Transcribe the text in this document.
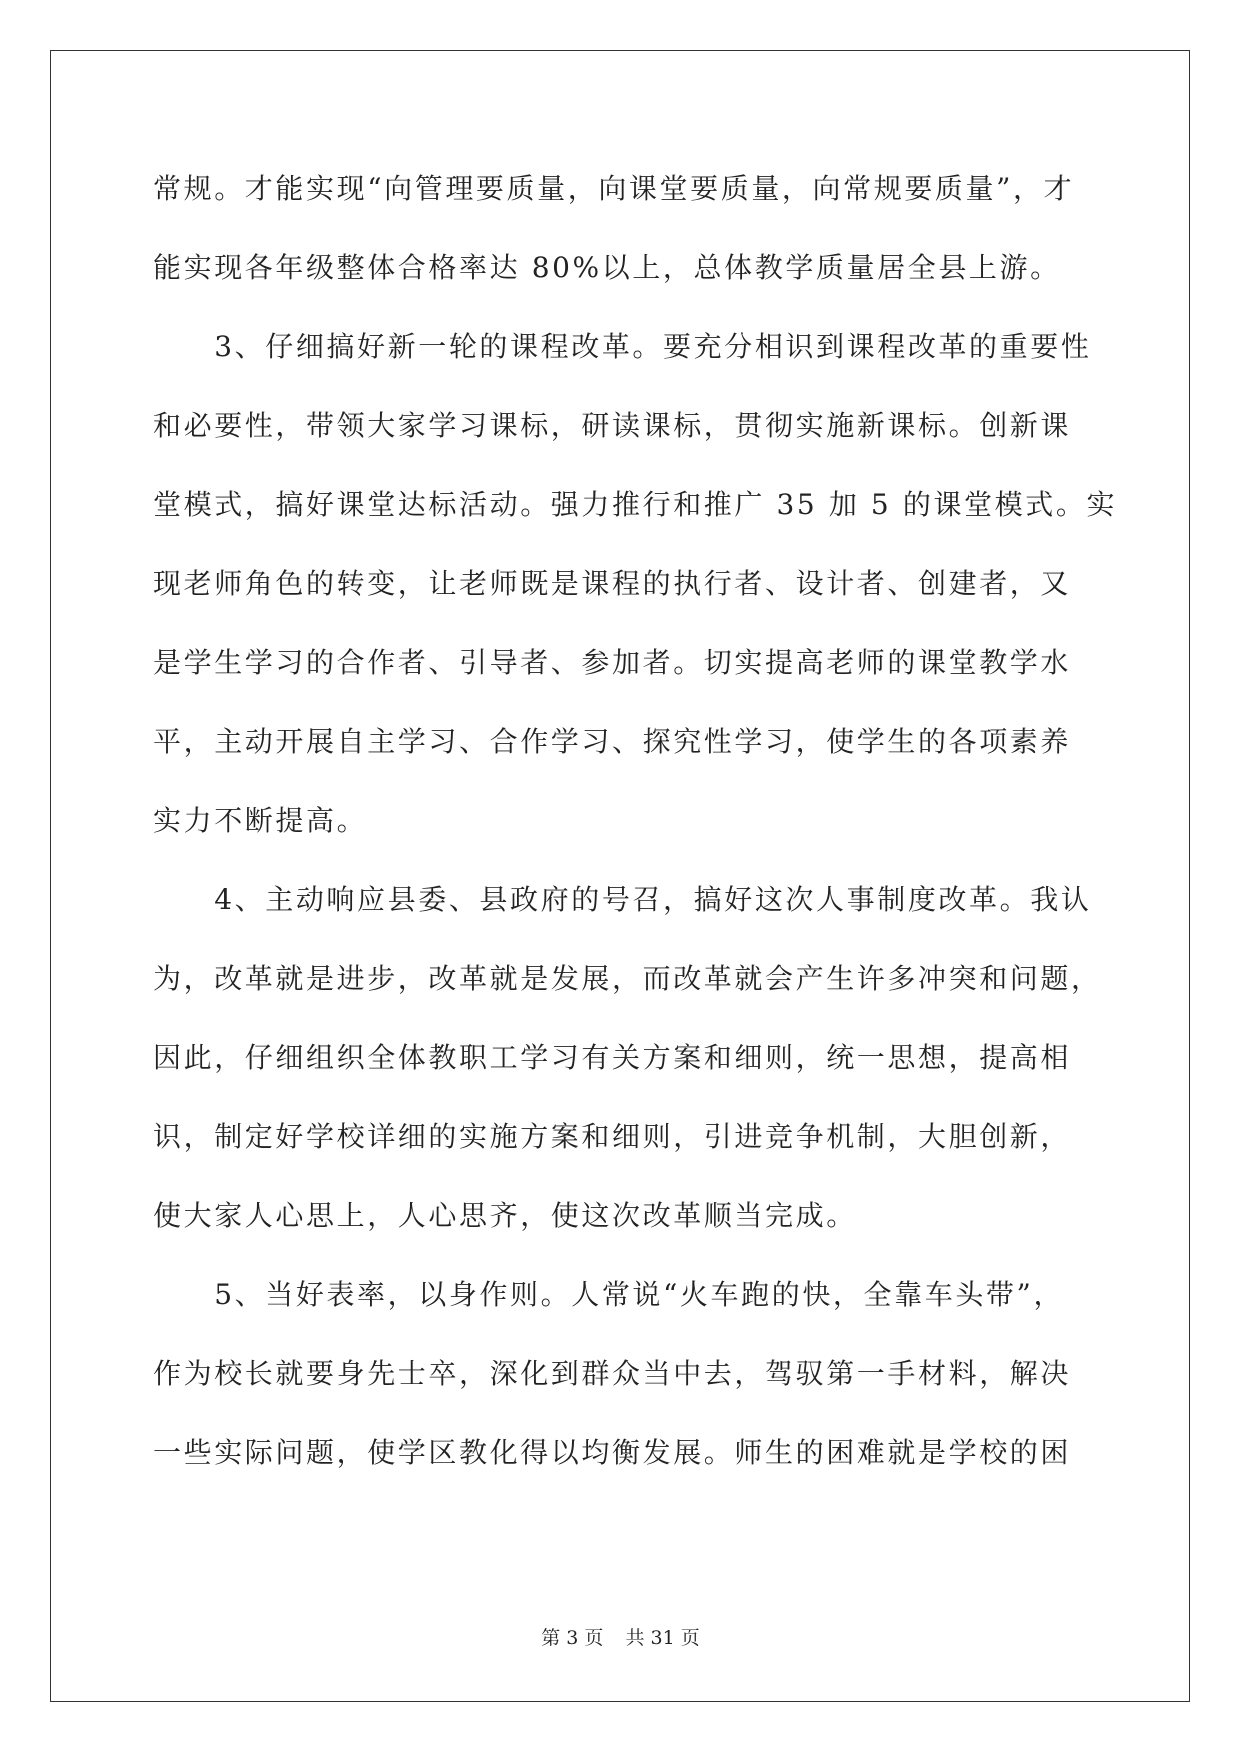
常规。才能实现“向管理要质量，向课堂要质量，向常规要质量”，才
能实现各年级整体合格率达 80%以上，总体教学质量居全县上游。
　　3、仔细搞好新一轮的课程改革。要充分相识到课程改革的重要性
和必要性，带领大家学习课标，研读课标，贯彻实施新课标。创新课
堂模式，搞好课堂达标活动。强力推行和推广 35 加 5 的课堂模式。实
现老师角色的转变，让老师既是课程的执行者、设计者、创建者，又
是学生学习的合作者、引导者、参加者。切实提高老师的课堂教学水
平，主动开展自主学习、合作学习、探究性学习，使学生的各项素养
实力不断提高。
　　4、主动响应县委、县政府的号召，搞好这次人事制度改革。我认
为，改革就是进步，改革就是发展，而改革就会产生许多冲突和问题，
因此，仔细组织全体教职工学习有关方案和细则，统一思想，提高相
识，制定好学校详细的实施方案和细则，引进竞争机制，大胆创新，
使大家人心思上，人心思齐，使这次改革顺当完成。
　　5、当好表率，以身作则。人常说“火车跑的快，全靠车头带”，
作为校长就要身先士卒，深化到群众当中去，驾驭第一手材料，解决
一些实际问题，使学区教化得以均衡发展。师生的困难就是学校的困
第 3 页 共 31 页
